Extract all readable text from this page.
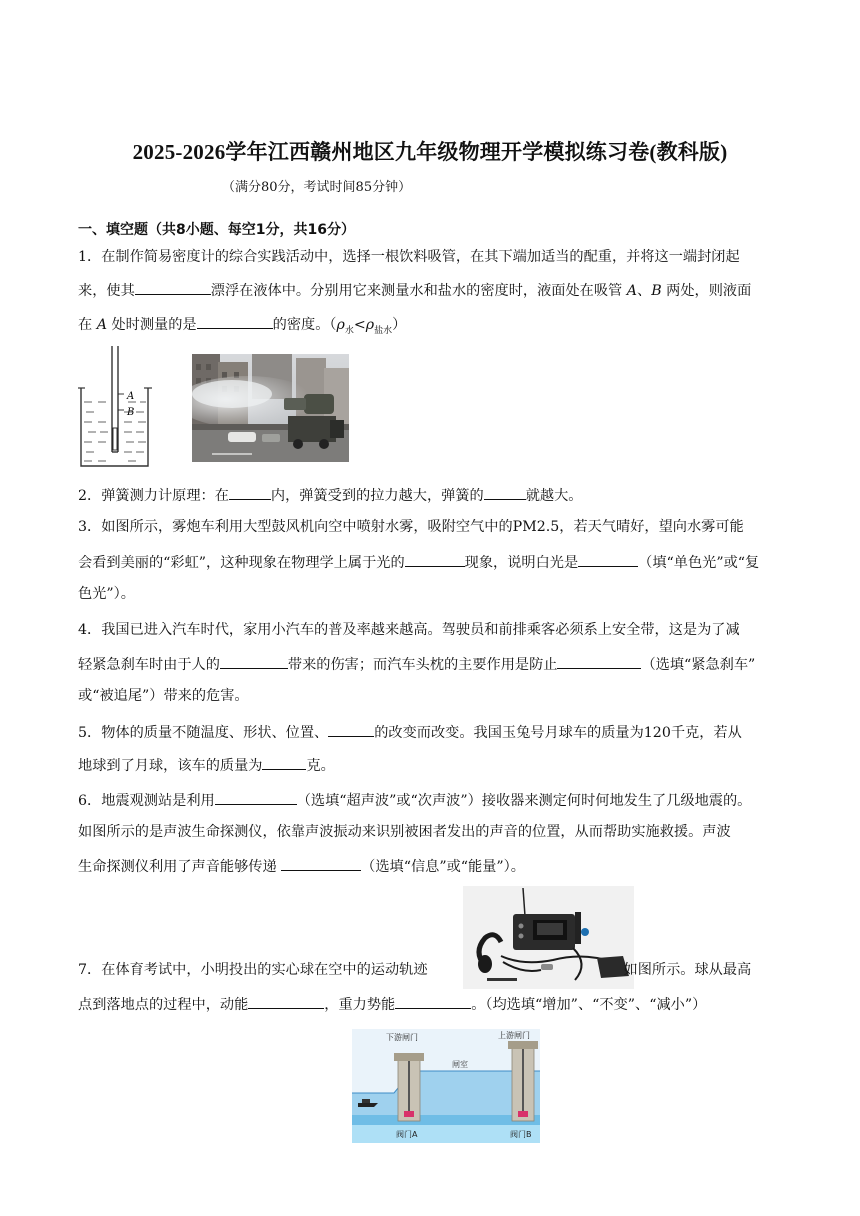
2025-2026学年江西赣州地区九年级物理开学模拟练习卷(教科版)
（满分80分，考试时间85分钟）
一、填空题（共8小题、每空1分，共16分）
1．在制作简易密度计的综合实践活动中，选择一根饮料吸管，在其下端加适当的配重，并将这一端封闭起
来，使其	漂浮在液体中。分别用它来测量水和盐水的密度时，液面处在吸管 A、B 两处，则液面
在 A 处时测量的是	的密度。$(\rho_水<\rho_{盐水})$
A
B
2．弹簧测力计原理：在	内，弹簧受到的拉力越大，弹簧的	就越大。
3．如图所示，雾炮车利用大型鼓风机向空中喷射水雾，吸附空气中的PM2.5，若天气晴好，望向水雾可能
会看到美丽的“彩虹”，这种现象在物理学上属于光的	现象，说明白光是	（填“单色光”或“复
色光”）。
4．我国已进入汽车时代，家用小汽车的普及率越来越高。驾驶员和前排乘客必须系上安全带，这是为了减
轻紧急刹车时由于人的	带来的伤害；而汽车头枕的主要作用是防止	（选填“紧急刹车”
或“被追尾”）带来的危害。
5．物体的质量不随温度、形状、位置、	的改变而改变。我国玉兔号月球车的质量为120千克，若从
地球到了月球，该车的质量为	克。
6．地震观测站是利用	（选填“超声波”或“次声波”）接收器来测定何时何地发生了几级地震的。
如图所示的是声波生命探测仪，依靠声波振动来识别被困者发出的声音的位置，从而帮助实施救援。声波
生命探测仪利用了声音能够传递	（选填“信息”或“能量”）。
7．在体育考试中，小明投出的实心球在空中的运动轨迹	如图所示。球从最高
点到落地点的过程中，动能	，重力势能	。（均选填“增加”、“不变”、“减小”）
下游闸门	上游闸门
闸室
阀门A	阀门B
